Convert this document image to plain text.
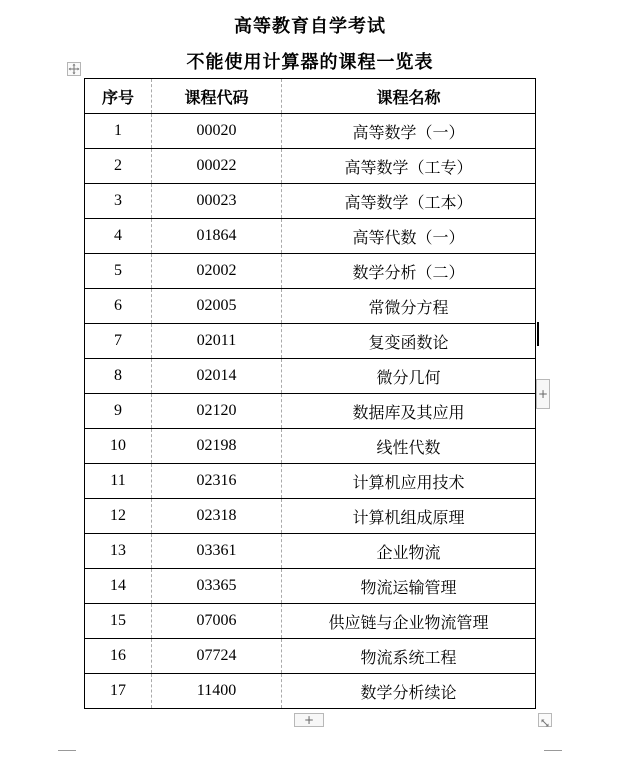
高等教育自学考试
不能使用计算器的课程一览表
序号	课程代码	课程名称
1	00020	高等数学（一）
2	00022	高等数学（工专）
3	00023	高等数学（工本）
4	01864	高等代数（一）
5	02002	数学分析（二）
6	02005	常微分方程
7	02011	复变函数论
8	02014	微分几何
9	02120	数据库及其应用
10	02198	线性代数
11	02316	计算机应用技术
12	02318	计算机组成原理
13	03361	企业物流
14	03365	物流运输管理
15	07006	供应链与企业物流管理
16	07724	物流系统工程
17	11400	数学分析续论
+
+
